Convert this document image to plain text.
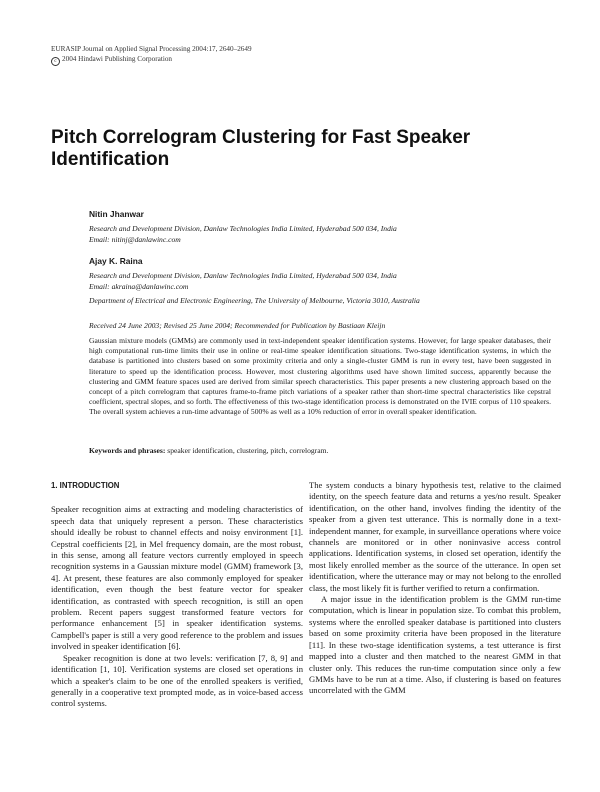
EURASIP Journal on Applied Signal Processing 2004:17, 2640–2649
c 2004 Hindawi Publishing Corporation
Pitch Correlogram Clustering for Fast Speaker Identification
Nitin Jhanwar
Research and Development Division, Danlaw Technologies India Limited, Hyderabad 500 034, India
Email: nitinj@danlawinc.com
Ajay K. Raina
Research and Development Division, Danlaw Technologies India Limited, Hyderabad 500 034, India
Email: akraina@danlawinc.com
Department of Electrical and Electronic Engineering, The University of Melbourne, Victoria 3010, Australia
Received 24 June 2003; Revised 25 June 2004; Recommended for Publication by Bastiaan Kleijn
Gaussian mixture models (GMMs) are commonly used in text-independent speaker identification systems. However, for large speaker databases, their high computational run-time limits their use in online or real-time speaker identification situations. Two-stage identification systems, in which the database is partitioned into clusters based on some proximity criteria and only a single-cluster GMM is run in every test, have been suggested in literature to speed up the identification process. However, most clustering algorithms used have shown limited success, apparently because the clustering and GMM feature spaces used are derived from similar speech characteristics. This paper presents a new clustering approach based on the concept of a pitch correlogram that captures frame-to-frame pitch variations of a speaker rather than short-time spectral characteristics like cepstral coefficient, spectral slopes, and so forth. The effectiveness of this two-stage identification process is demonstrated on the IVIE corpus of 110 speakers. The overall system achieves a run-time advantage of 500% as well as a 10% reduction of error in overall speaker identification.
Keywords and phrases: speaker identification, clustering, pitch, correlogram.
1. INTRODUCTION

Speaker recognition aims at extracting and modeling characteristics of speech data that uniquely represent a person. These characteristics should ideally be robust to channel effects and noisy environment [1]. Cepstral coefficients [2], in Mel frequency domain, are the most robust, in this sense, among all feature vectors currently employed in speech recognition systems in a Gaussian mixture model (GMM) framework [3, 4]. At present, these features are also commonly employed for speaker identification, even though the best feature vector for speaker identification, as contrasted with speech recognition, is still an open problem. Recent papers suggest transformed feature vectors for performance enhancement [5] in speaker identification systems. Campbell's paper is still a very good reference to the problem and issues involved in speaker identification [6].

Speaker recognition is done at two levels: verification [7, 8, 9] and identification [1, 10]. Verification systems are closed set operations in which a speaker's claim to be one of the enrolled speakers is verified, generally in a cooperative text prompted mode, as in voice-based access control systems.

The system conducts a binary hypothesis test, relative to the claimed identity, on the speech feature data and returns a yes/no result. Speaker identification, on the other hand, involves finding the identity of the speaker from a given test utterance. This is normally done in a text-independent manner, for example, in surveillance operations where voice channels are monitored or in other noninvasive access control applications. Identification systems, in closed set operation, identify the most likely enrolled member as the source of the utterance. In open set identification, where the utterance may or may not belong to the enrolled class, the most likely fit is further verified to return a confirmation.

A major issue in the identification problem is the GMM run-time computation, which is linear in population size. To combat this problem, systems where the enrolled speaker database is partitioned into clusters based on some proximity criteria have been proposed in the literature [11]. In these two-stage identification systems, a test utterance is first mapped into a cluster and then matched to the nearest GMM in that cluster only. This reduces the run-time computation since only a few GMMs have to be run at a time. Also, if clustering is based on features uncorrelated with the GMM
